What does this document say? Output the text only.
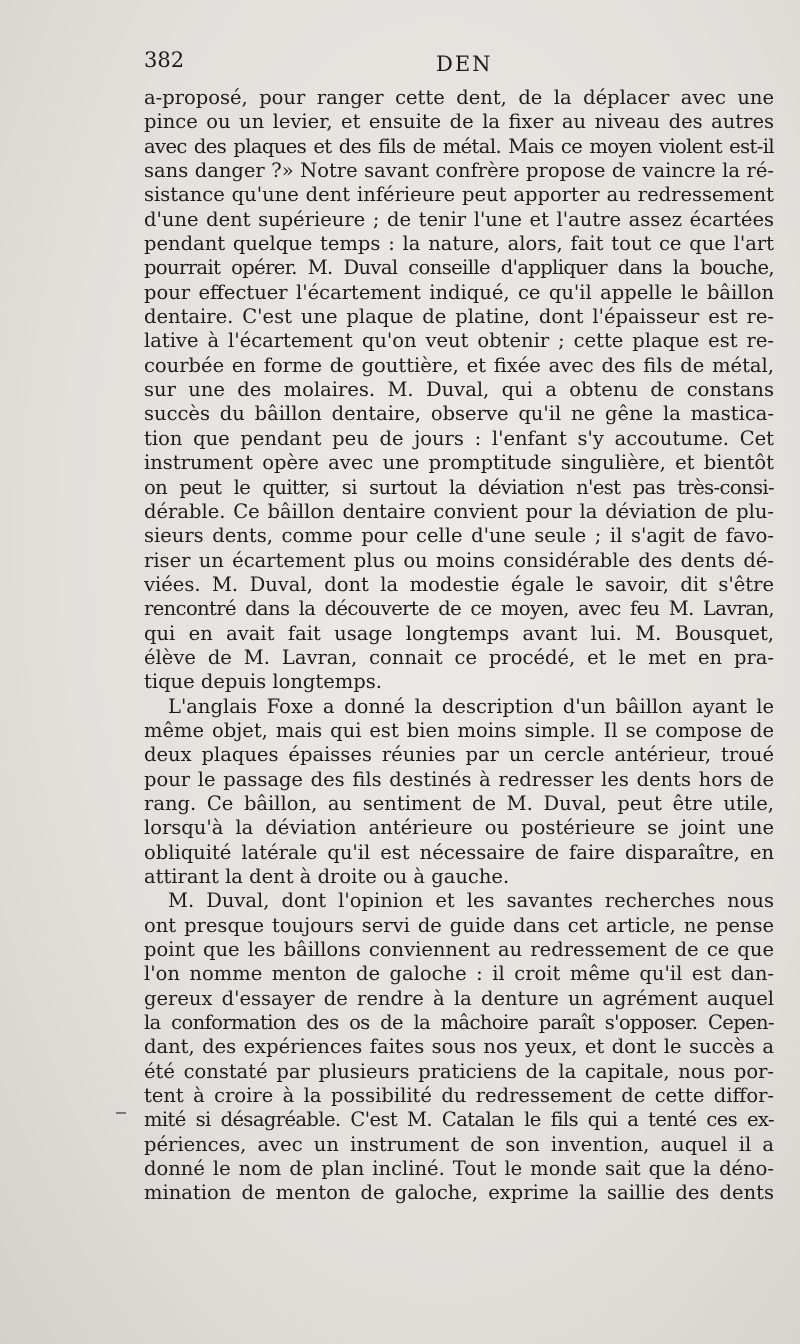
382	DEN
a-proposé, pour ranger cette dent, de la déplacer avec une
pince ou un levier, et ensuite de la fixer au niveau des autres
avec des plaques et des fils de métal. Mais ce moyen violent est-il
sans danger ?» Notre savant confrère propose de vaincre la ré-
sistance qu'une dent inférieure peut apporter au redressement
d'une dent supérieure ; de tenir l'une et l'autre assez écartées
pendant quelque temps : la nature, alors, fait tout ce que l'art
pourrait opérer. M. Duval conseille d'appliquer dans la bouche,
pour effectuer l'écartement indiqué, ce qu'il appelle le bâillon
dentaire. C'est une plaque de platine, dont l'épaisseur est re-
lative à l'écartement qu'on veut obtenir ; cette plaque est re-
courbée en forme de gouttière, et fixée avec des fils de métal,
sur une des molaires. M. Duval, qui a obtenu de constans
succès du bâillon dentaire, observe qu'il ne gêne la mastica-
tion que pendant peu de jours : l'enfant s'y accoutume. Cet
instrument opère avec une promptitude singulière, et bientôt
on peut le quitter, si surtout la déviation n'est pas très-consi-
dérable. Ce bâillon dentaire convient pour la déviation de plu-
sieurs dents, comme pour celle d'une seule ; il s'agit de favo-
riser un écartement plus ou moins considérable des dents dé-
viées. M. Duval, dont la modestie égale le savoir, dit s'être
rencontré dans la découverte de ce moyen, avec feu M. Lavran,
qui en avait fait usage longtemps avant lui. M. Bousquet,
élève de M. Lavran, connait ce procédé, et le met en pra-
tique depuis longtemps.
L'anglais Foxe a donné la description d'un bâillon ayant le
même objet, mais qui est bien moins simple. Il se compose de
deux plaques épaisses réunies par un cercle antérieur, troué
pour le passage des fils destinés à redresser les dents hors de
rang. Ce bâillon, au sentiment de M. Duval, peut être utile,
lorsqu'à la déviation antérieure ou postérieure se joint une
obliquité latérale qu'il est nécessaire de faire disparaître, en
attirant la dent à droite ou à gauche.
M. Duval, dont l'opinion et les savantes recherches nous
ont presque toujours servi de guide dans cet article, ne pense
point que les bâillons conviennent au redressement de ce que
l'on nomme menton de galoche : il croit même qu'il est dan-
gereux d'essayer de rendre à la denture un agrément auquel
la conformation des os de la mâchoire paraît s'opposer. Cepen-
dant, des expériences faites sous nos yeux, et dont le succès a
été constaté par plusieurs praticiens de la capitale, nous por-
tent à croire à la possibilité du redressement de cette diffor-
mité si désagréable. C'est M. Catalan le fils qui a tenté ces ex-
périences, avec un instrument de son invention, auquel il a
donné le nom de plan incliné. Tout le monde sait que la déno-
mination de menton de galoche, exprime la saillie des dents
